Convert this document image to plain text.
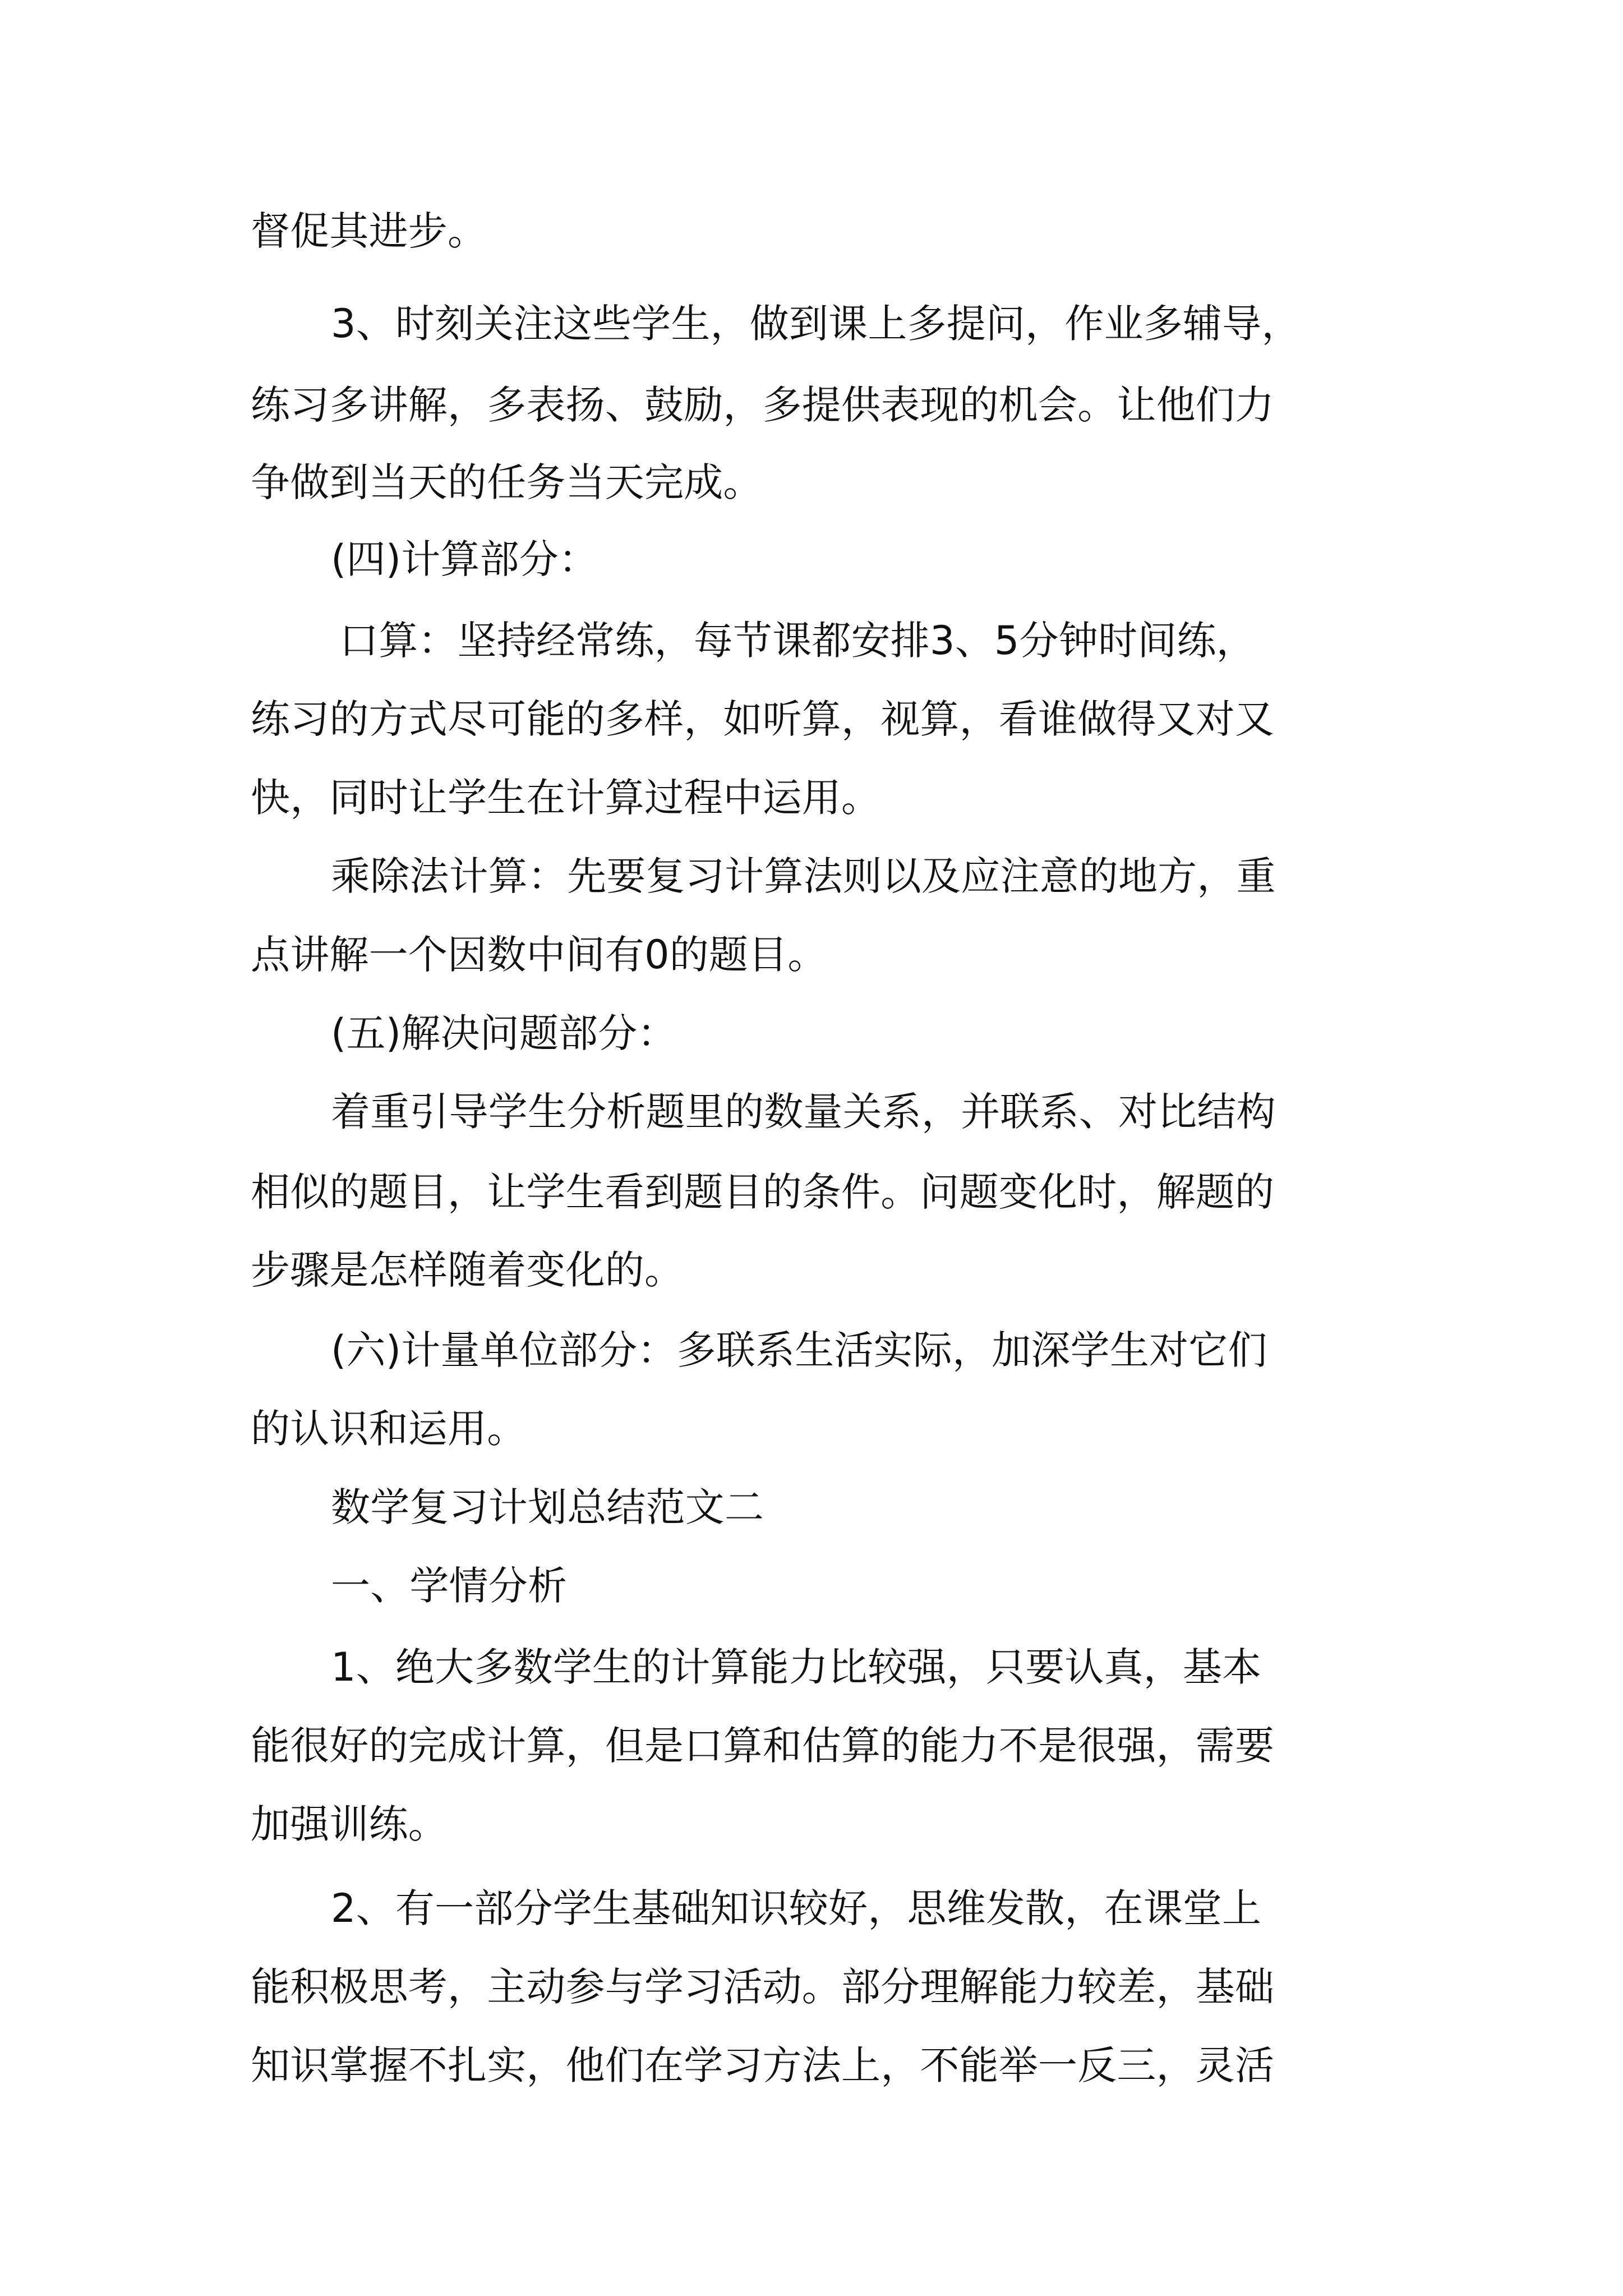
督促其进步。
3、时刻关注这些学生，做到课上多提问，作业多辅导，
练习多讲解，多表扬、鼓励，多提供表现的机会。让他们力
争做到当天的任务当天完成。
(四)计算部分：
口算：坚持经常练，每节课都安排3、5分钟时间练，
练习的方式尽可能的多样，如听算，视算，看谁做得又对又
快，同时让学生在计算过程中运用。
乘除法计算：先要复习计算法则以及应注意的地方，重
点讲解一个因数中间有0的题目。
(五)解决问题部分：
着重引导学生分析题里的数量关系，并联系、对比结构
相似的题目，让学生看到题目的条件。问题变化时，解题的
步骤是怎样随着变化的。
(六)计量单位部分：多联系生活实际，加深学生对它们
的认识和运用。
数学复习计划总结范文二
一、学情分析
1、绝大多数学生的计算能力比较强，只要认真，基本
能很好的完成计算，但是口算和估算的能力不是很强，需要
加强训练。
2、有一部分学生基础知识较好，思维发散，在课堂上
能积极思考，主动参与学习活动。部分理解能力较差，基础
知识掌握不扎实，他们在学习方法上，不能举一反三，灵活
